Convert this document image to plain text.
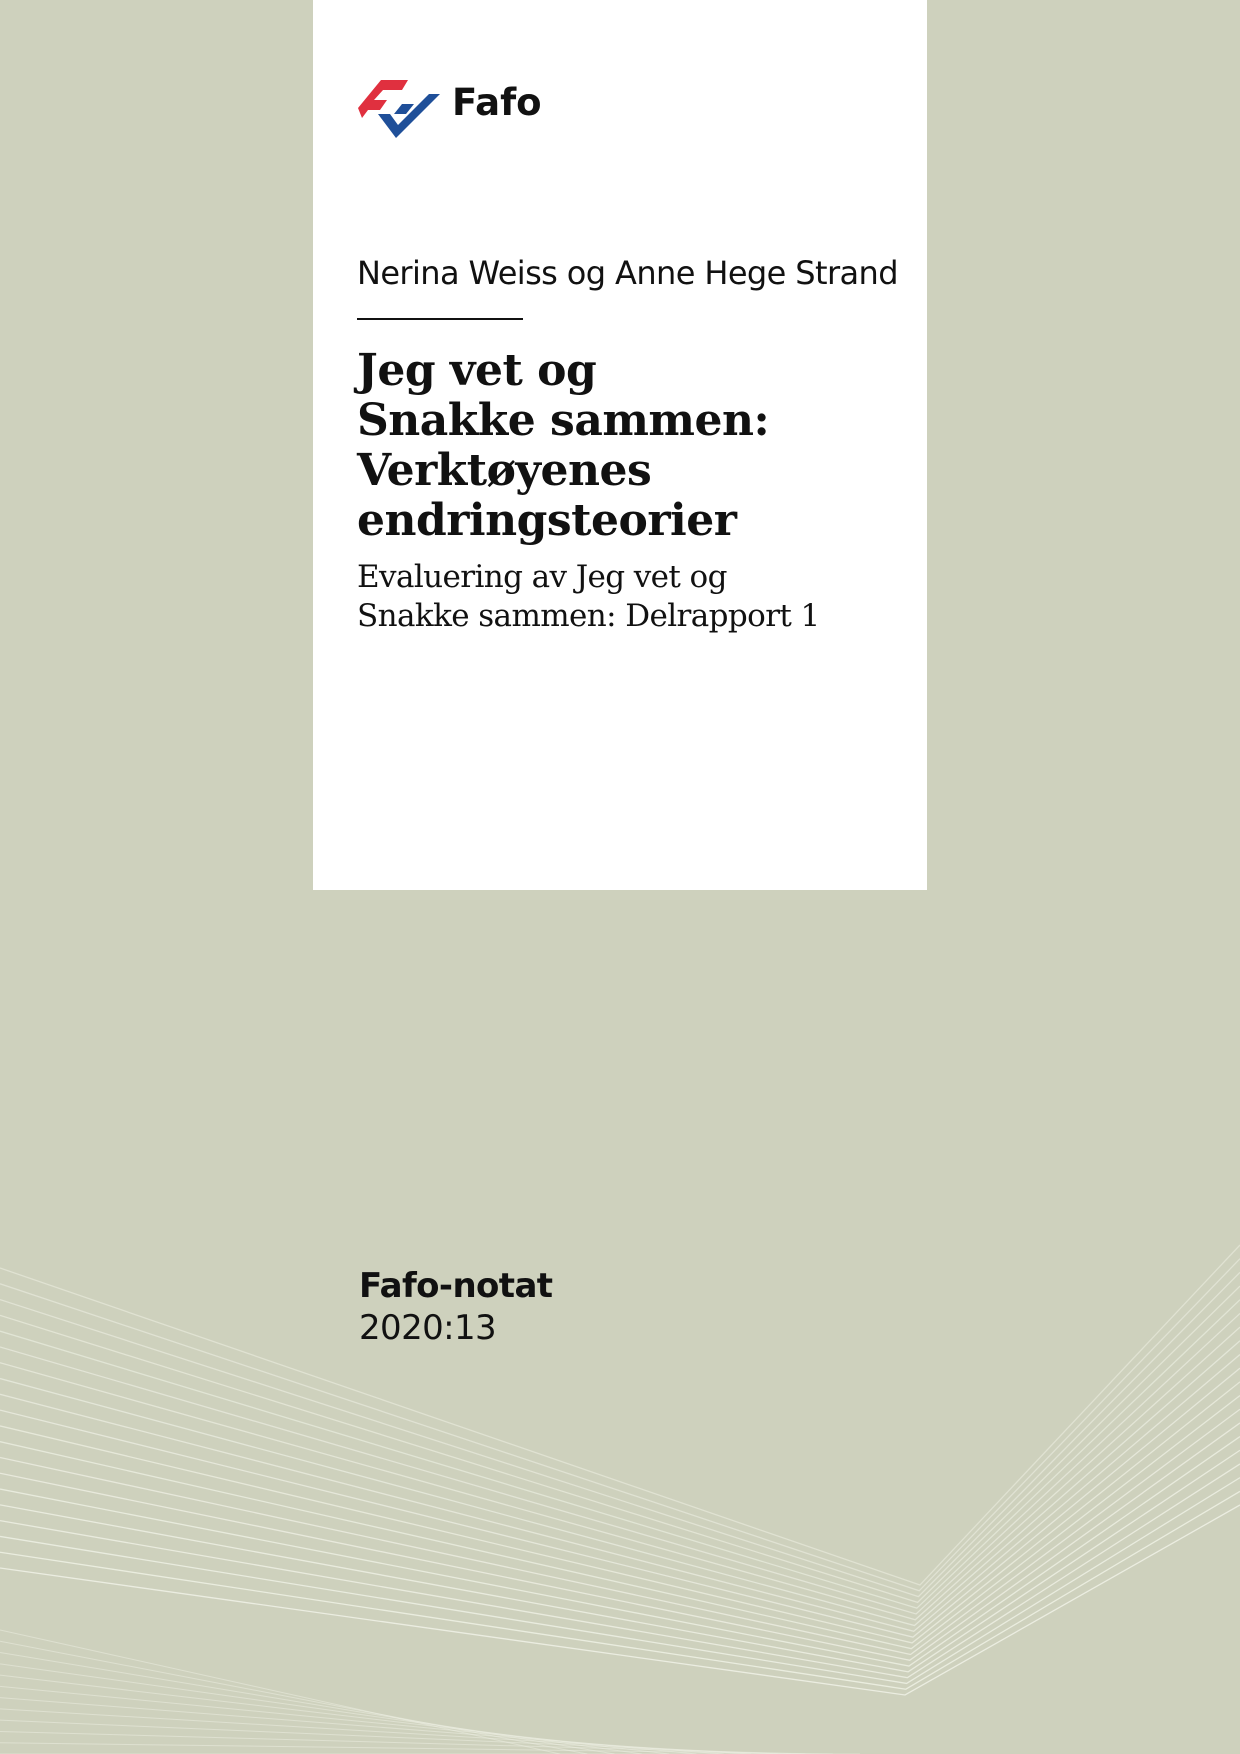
Fafo
Nerina Weiss og Anne Hege Strand
Jeg vet og
Snakke sammen:
Verktøyenes
endringsteorier
Evaluering av Jeg vet og
Snakke sammen: Delrapport 1
Fafo-notat
2020:13
